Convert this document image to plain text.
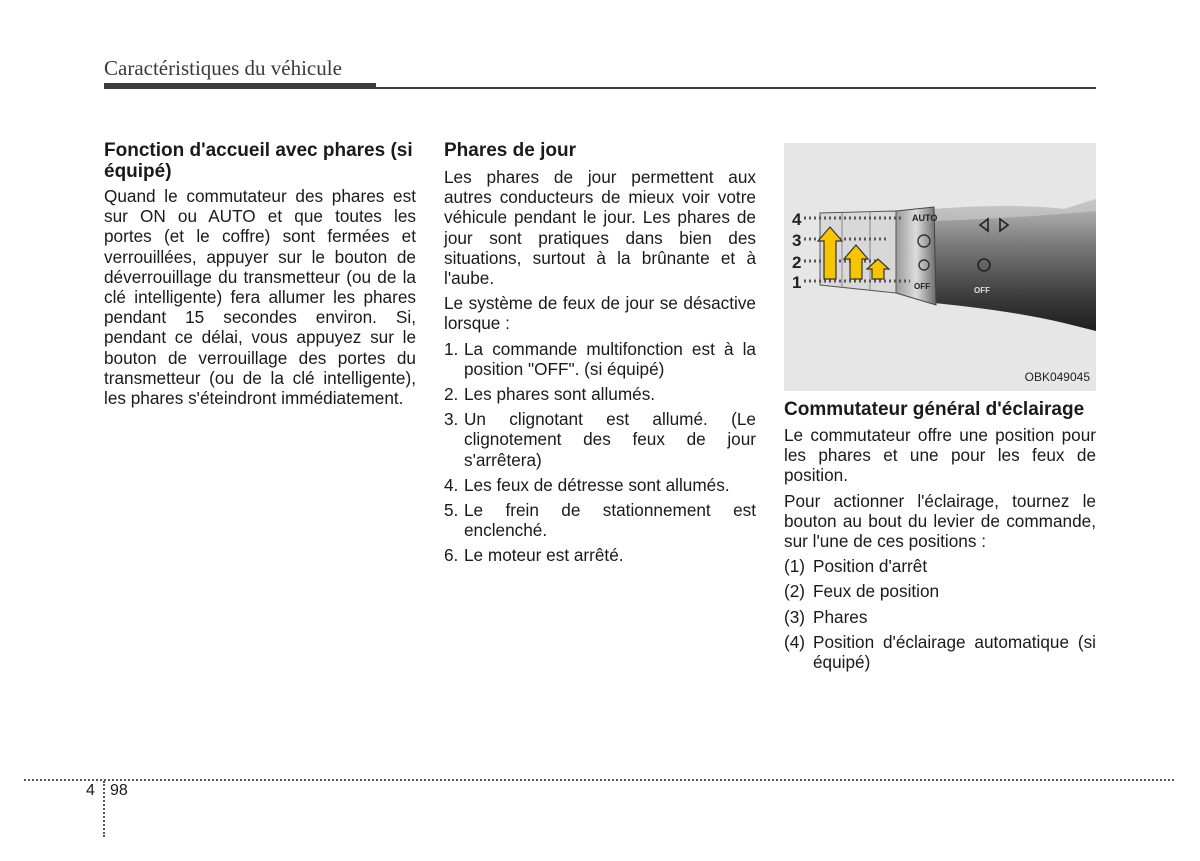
Caractéristiques du véhicule
Fonction d'accueil avec phares (si équipé)

Quand le commutateur des phares est sur ON ou AUTO et que toutes les portes (et le coffre) sont fermées et verrouillées, appuyer sur le bouton de déverrouillage du transmetteur (ou de la clé intelligente) fera allumer les phares pendant 15 secondes environ. Si, pendant ce délai, vous appuyez sur le bouton de verrouillage des portes du transmetteur (ou de la clé intelligente), les phares s'éteindront immédiatement.

Phares de jour

Les phares de jour permettent aux autres conducteurs de mieux voir votre véhicule pendant le jour. Les phares de jour sont pratiques dans bien des situations, surtout à la brûnante et à l'aube.

Le système de feux de jour se désactive lorsque :

1. La commande multifonction est à la position "OFF". (si équipé)
2. Les phares sont allumés.
3. Un clignotant est allumé. (Le clignotement des feux de jour s'arrêtera)
4. Les feux de détresse sont allumés.
5. Le frein de stationnement est enclenché.
6. Le moteur est arrêté.
4
3
2
1
AUTO
OFF	OFF
OBK049045
Commutateur général d'éclairage

Le commutateur offre une position pour les phares et une pour les feux de position.

Pour actionner l'éclairage, tournez le bouton au bout du levier de commande, sur l'une de ces positions :

(1) Position d'arrêt
(2) Feux de position
(3) Phares
(4) Position d'éclairage automatique (si équipé)
4 98
